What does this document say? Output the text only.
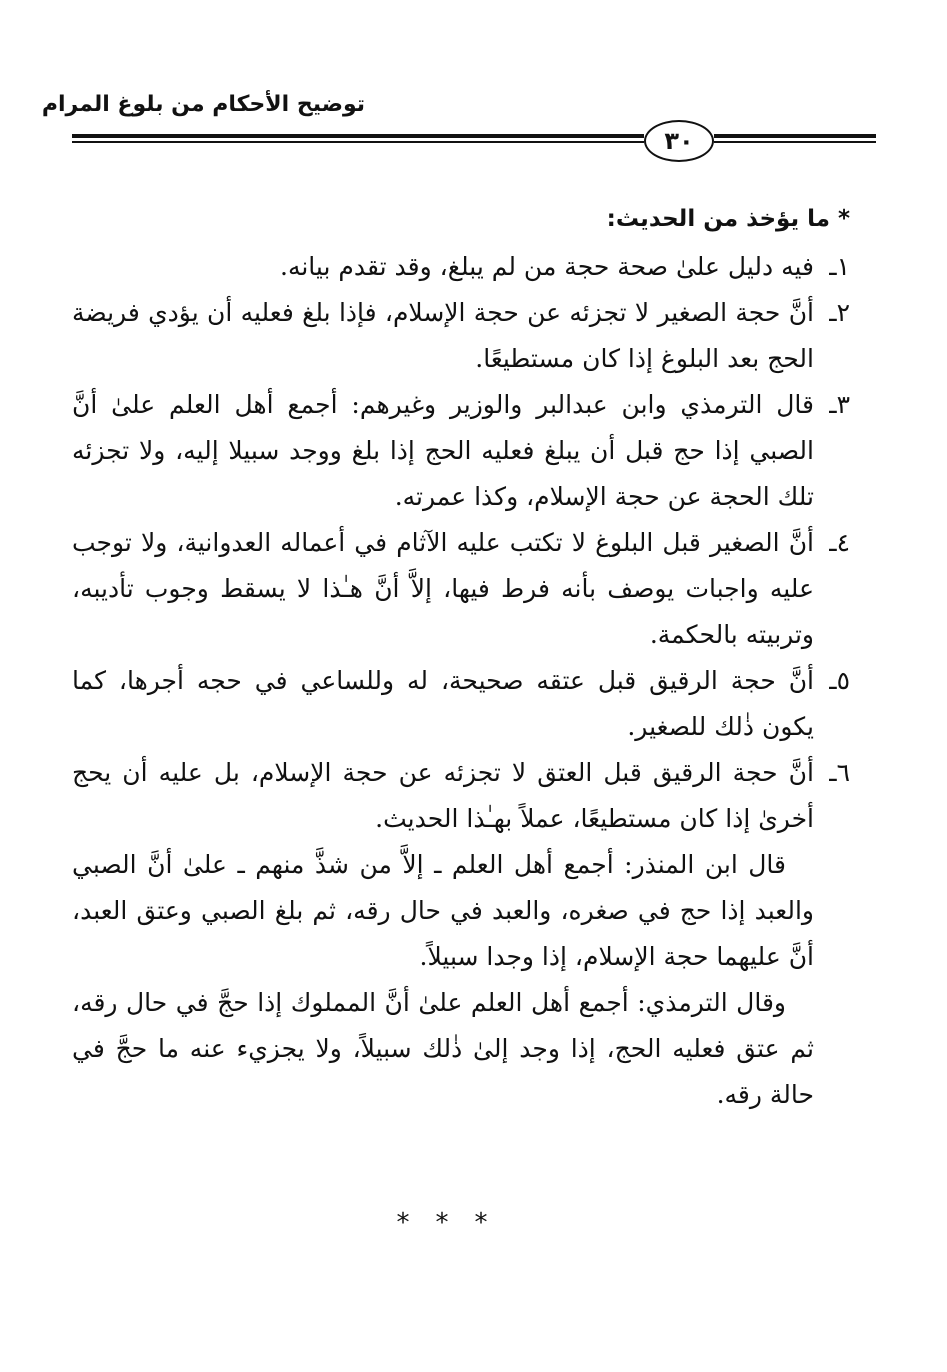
توضيح الأحكام من بلوغ المرام
٣٠
* ما يؤخذ من الحديث:
١ـ
فيه دليل علىٰ صحة حجة من لم يبلغ، وقد تقدم بيانه.
٢ـ
أنَّ حجة الصغير لا تجزئه عن حجة الإسلام، فإذا بلغ فعليه أن يؤدي فريضة الحج بعد البلوغ إذا كان مستطيعًا.
٣ـ
قال الترمذي وابن عبدالبر والوزير وغيرهم: أجمع أهل العلم علىٰ أنَّ الصبي إذا حج قبل أن يبلغ فعليه الحج إذا بلغ ووجد سبيلا إليه، ولا تجزئه تلك الحجة عن حجة الإسلام، وكذا عمرته.
٤ـ
أنَّ الصغير قبل البلوغ لا تكتب عليه الآثام في أعماله العدوانية، ولا توجب عليه واجبات يوصف بأنه فرط فيها، إلاَّ أنَّ هـٰذا لا يسقط وجوب تأديبه، وتربيته بالحكمة.
٥ـ
أنَّ حجة الرقيق قبل عتقه صحيحة، له وللساعي في حجه أجرها، كما يكون ذٰلك للصغير.
٦ـ
أنَّ حجة الرقيق قبل العتق لا تجزئه عن حجة الإسلام، بل عليه أن يحج أخرىٰ إذا كان مستطيعًا، عملاً بهـٰذا الحديث.
قال ابن المنذر: أجمع أهل العلم ـ إلاَّ من شذَّ منهم ـ علىٰ أنَّ الصبي والعبد إذا حج في صغره، والعبد في حال رقه، ثم بلغ الصبي وعتق العبد، أنَّ عليهما حجة الإسلام، إذا وجدا سبيلاً.
وقال الترمذي: أجمع أهل العلم علىٰ أنَّ المملوك إذا حجَّ في حال رقه، ثم عتق فعليه الحج، إذا وجد إلىٰ ذٰلك سبيلاً، ولا يجزيء عنه ما حجَّ في حالة رقه.
***
